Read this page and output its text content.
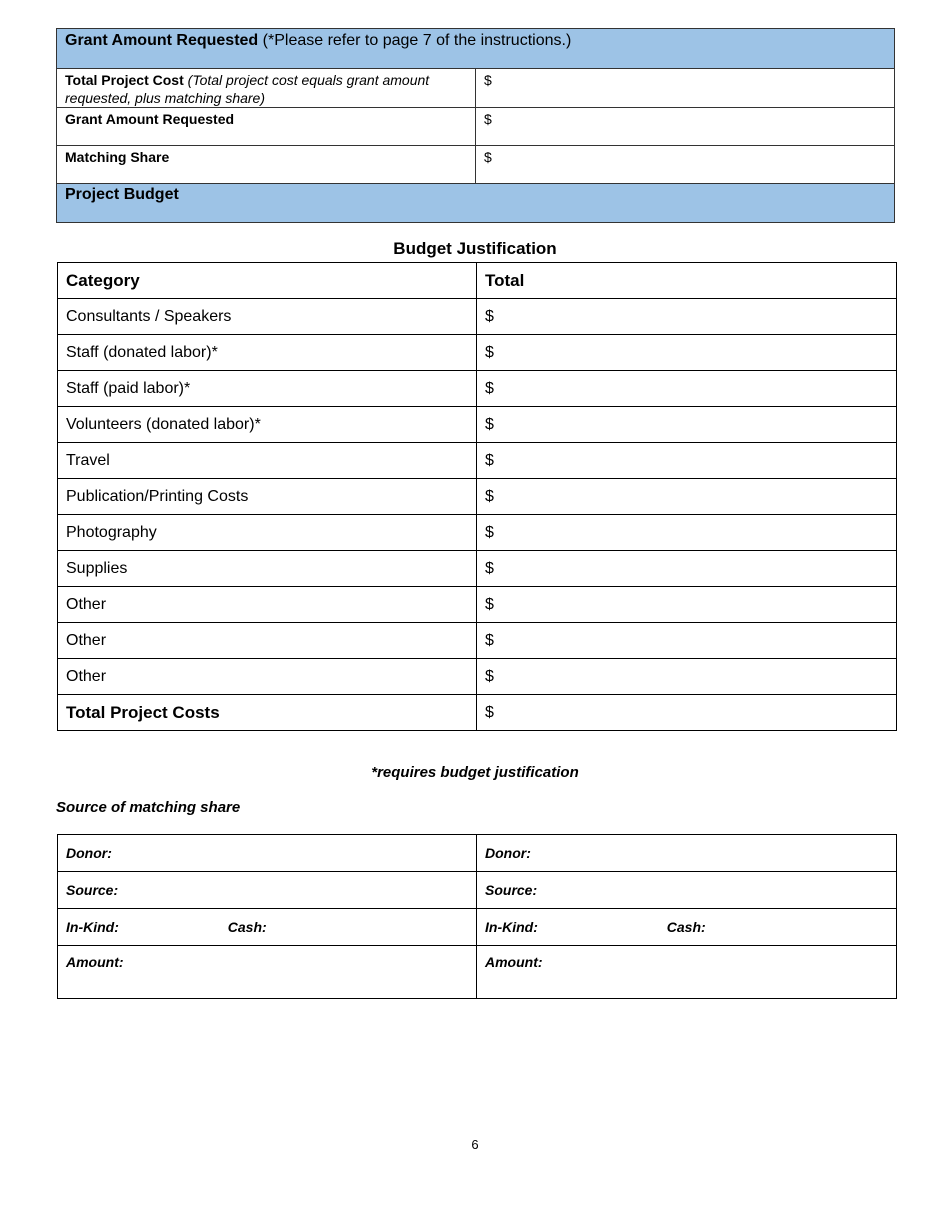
Grant Amount Requested (*Please refer to page 7 of the instructions.)	
Total Project Cost (Total project cost equals grant amount requested, plus matching share)	$
Grant Amount Requested	$
Matching Share	$
Project Budget	
Budget Justification
Category	Total
Consultants / Speakers	$
Staff (donated labor)*	$
Staff (paid labor)*	$
Volunteers (donated labor)*	$
Travel	$
Publication/Printing Costs	$
Photography	$
Supplies	$
Other	$
Other	$
Other	$
Total Project Costs	$
*requires budget justification
Source of matching share
Donor:	Donor:
Source:	Source:
In-Kind: Cash:	In-Kind: Cash:
Amount:	Amount:
6
